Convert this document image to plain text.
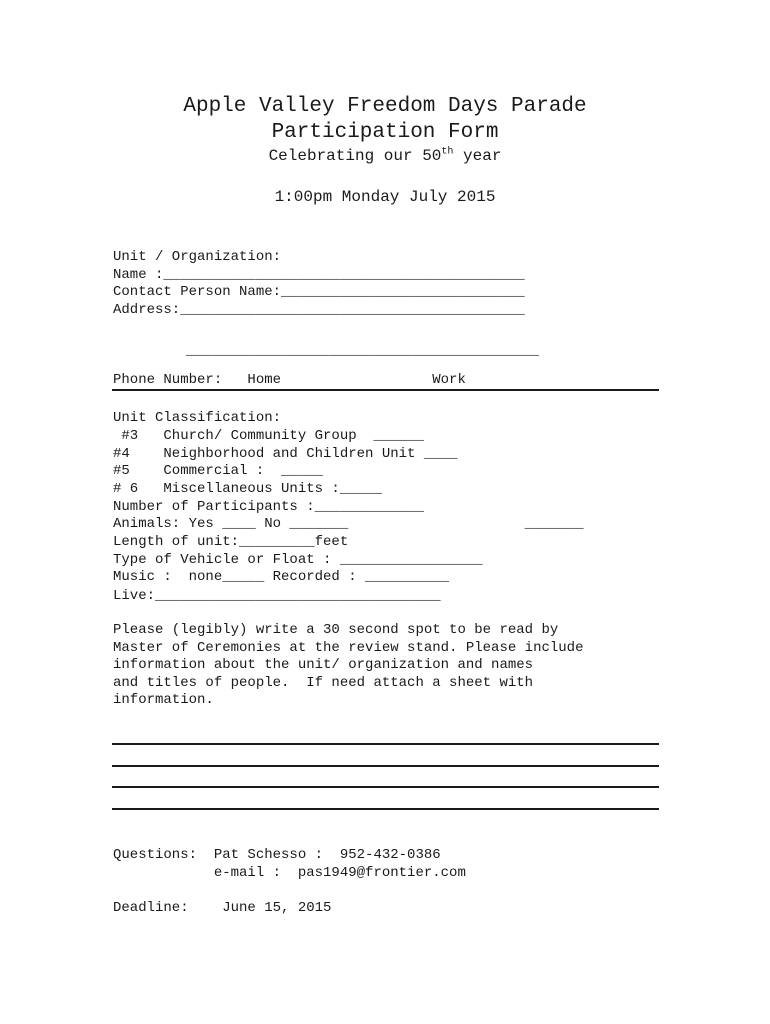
Apple Valley Freedom Days Parade
Participation Form

Celebrating our 50th year

1:00pm Monday July 2015

Unit / Organization:

Name :___________________________________________

Contact Person Name:_____________________________

Address:_________________________________________

__________________________________________

Phone Number:   Home                  Work

Unit Classification:

#3   Church/ Community Group  ______

#4    Neighborhood and Children Unit ____

#5    Commercial :  _____

# 6   Miscellaneous Units :_____

Number of Participants :_____________

Animals: Yes ____ No _______                     _______

Length of unit:_________feet

Type of Vehicle or Float : _________________

Music :  none_____ Recorded : __________

Live:__________________________________

Please (legibly) write a 30 second spot to be read by

Master of Ceremonies at the review stand. Please include

information about the unit/ organization and names

and titles of people.  If need attach a sheet with

information.

Questions:  Pat Schesso :  952-432-0386

e-mail :  pas1949@frontier.com

Deadline:    June 15, 2015
